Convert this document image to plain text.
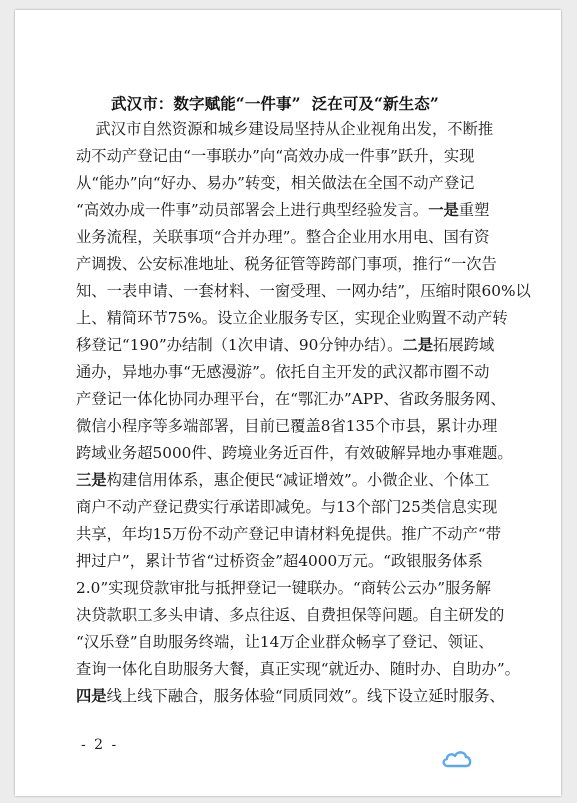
武汉市：数字赋能“一件事”  泛在可及“新生态”
武汉市自然资源和城乡建设局坚持从企业视角出发，不断推
动不动产登记由“一事联办”向“高效办成一件事”跃升，实现
从“能办”向“好办、易办”转变，相关做法在全国不动产登记
“高效办成一件事”动员部署会上进行典型经验发言。一是重塑
业务流程，关联事项“合并办理”。整合企业用水用电、国有资
产调拨、公安标准地址、税务征管等跨部门事项，推行“一次告
知、一表申请、一套材料、一窗受理、一网办结”，压缩时限60%以
上、精简环节75%。设立企业服务专区，实现企业购置不动产转
移登记“190”办结制（1次申请、90分钟办结）。二是拓展跨域
通办，异地办事“无感漫游”。依托自主开发的武汉都市圈不动
产登记一体化协同办理平台，在“鄂汇办”APP、省政务服务网、
微信小程序等多端部署，目前已覆盖8省135个市县，累计办理
跨域业务超5000件、跨境业务近百件，有效破解异地办事难题。
三是构建信用体系，惠企便民“减证增效”。小微企业、个体工
商户不动产登记费实行承诺即减免。与13个部门25类信息实现
共享，年均15万份不动产登记申请材料免提供。推广不动产“带
押过户”，累计节省“过桥资金”超4000万元。“政银服务体系
2.0”实现贷款审批与抵押登记一键联办。“商转公云办”服务解
决贷款职工多头申请、多点往返、自费担保等问题。自主研发的
“汉乐登”自助服务终端，让14万企业群众畅享了登记、领证、
查询一体化自助服务大餐，真正实现“就近办、随时办、自助办”。
四是线上线下融合，服务体验“同质同效”。线下设立延时服务、
- 2 -
